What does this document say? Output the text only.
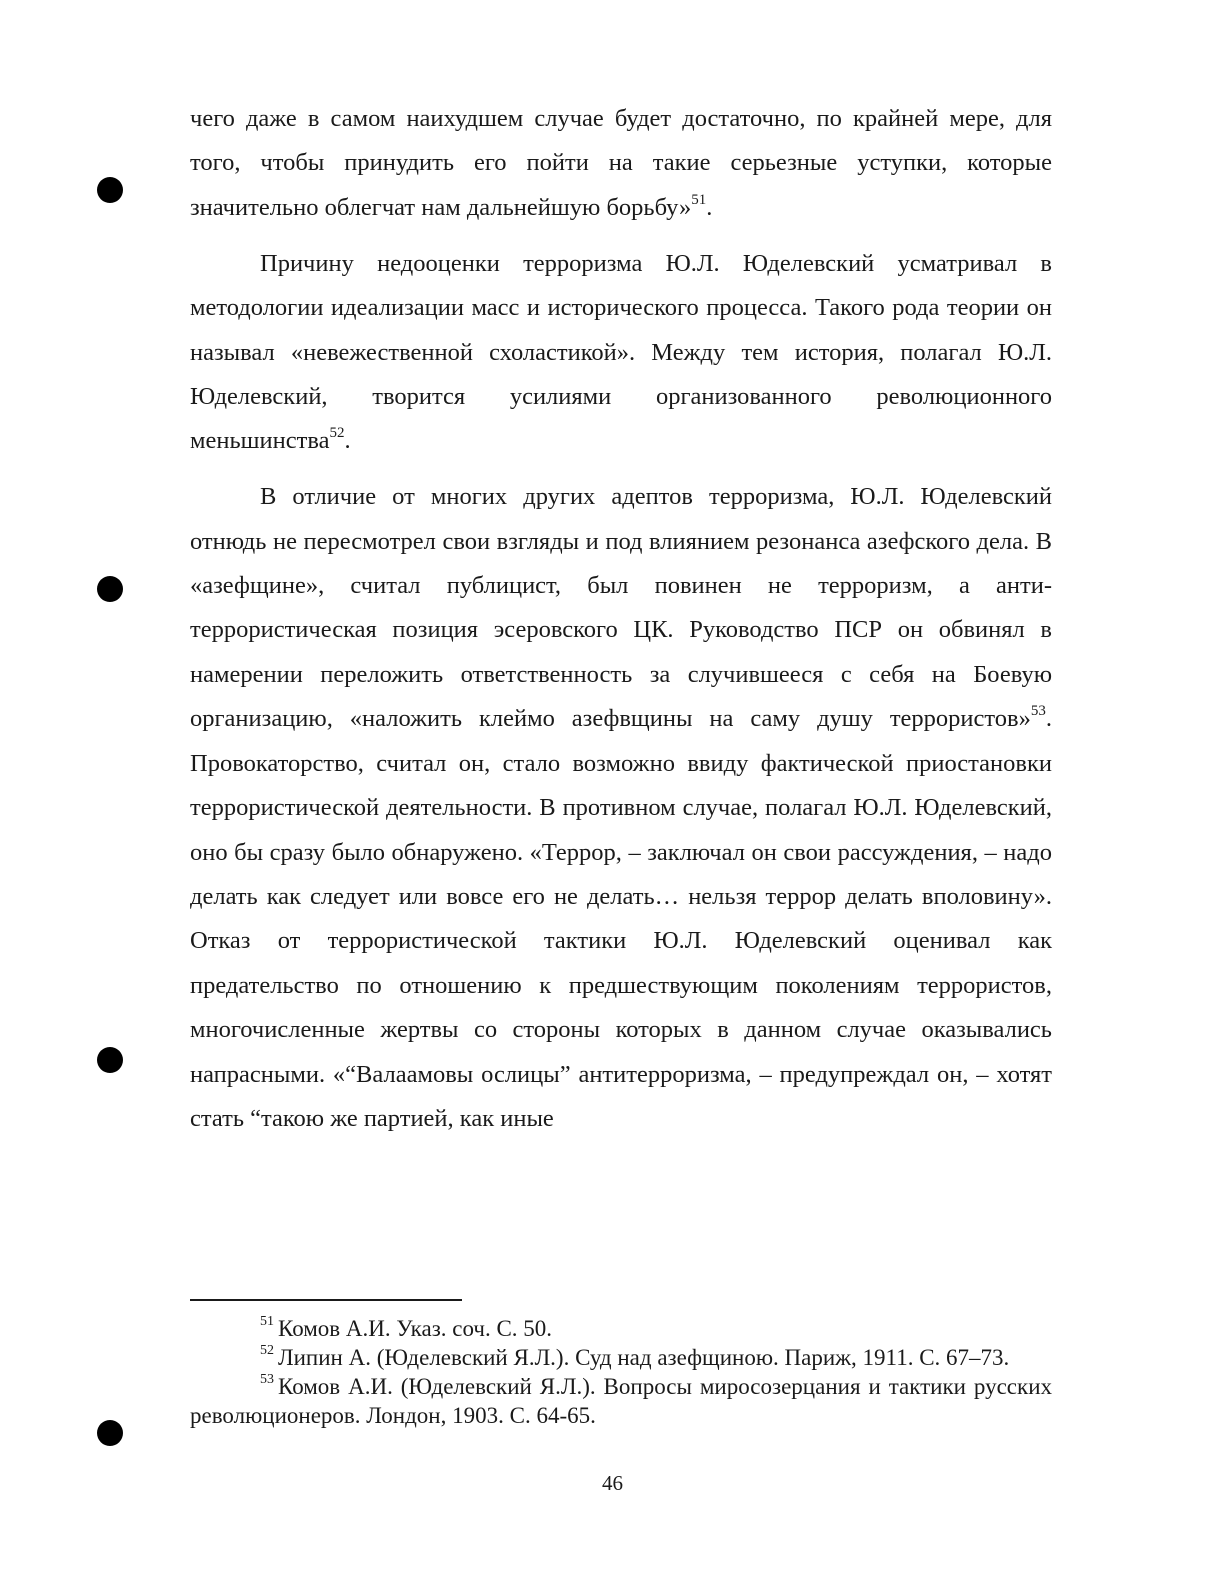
чего даже в самом наихудшем случае будет достаточно, по крайней мере, для того, чтобы принудить его пойти на такие серьезные уступки, которые значительно облегчат нам дальнейшую борьбу»$^{51}$.

Причину недооценки терроризма Ю.Л. Юделевский усматривал в методологии идеализации масс и исторического процесса. Такого рода теории он называл «невежественной схоластикой». Между тем история, полагал Ю.Л. Юделевский, творится усилиями организованного революционного меньшинства$^{52}$.

В отличие от многих других адептов терроризма, Ю.Л. Юделевский отнюдь не пересмотрел свои взгляды и под влиянием резонанса азефского дела. В «азефщине», считал публицист, был повинен не терроризм, а антитеррористическая позиция эсеровского ЦК. Руководство ПСР он обвинял в намерении переложить ответственность за случившееся с себя на Боевую организацию, «наложить клеймо азефвщины на саму душу террористов»$^{53}$. Провокаторство, считал он, стало возможно ввиду фактической приостановки террористической деятельности. В противном случае, полагал Ю.Л. Юделевский, оно бы сразу было обнаружено. «Террор, – заключал он свои рассуждения, – надо делать как следует или вовсе его не делать… нельзя террор делать вполовину». Отказ от террористической тактики Ю.Л. Юделевский оценивал как предательство по отношению к предшествующим поколениям террористов, многочисленные жертвы со стороны которых в данном случае оказывались напрасными. «“Валаамовы ослицы” антитерроризма, – предупреждал он, – хотят стать “такою же партией, как иные

$^{51}$ Комов А.И. Указ. соч. С. 50.

$^{52}$ Липин А. (Юделевский Я.Л.). Суд над азефщиною. Париж, 1911. С. 67–73.

$^{53}$ Комов А.И. (Юделевский Я.Л.). Вопросы миросозерцания и тактики русских революционеров. Лондон, 1903. С. 64-65.

46
